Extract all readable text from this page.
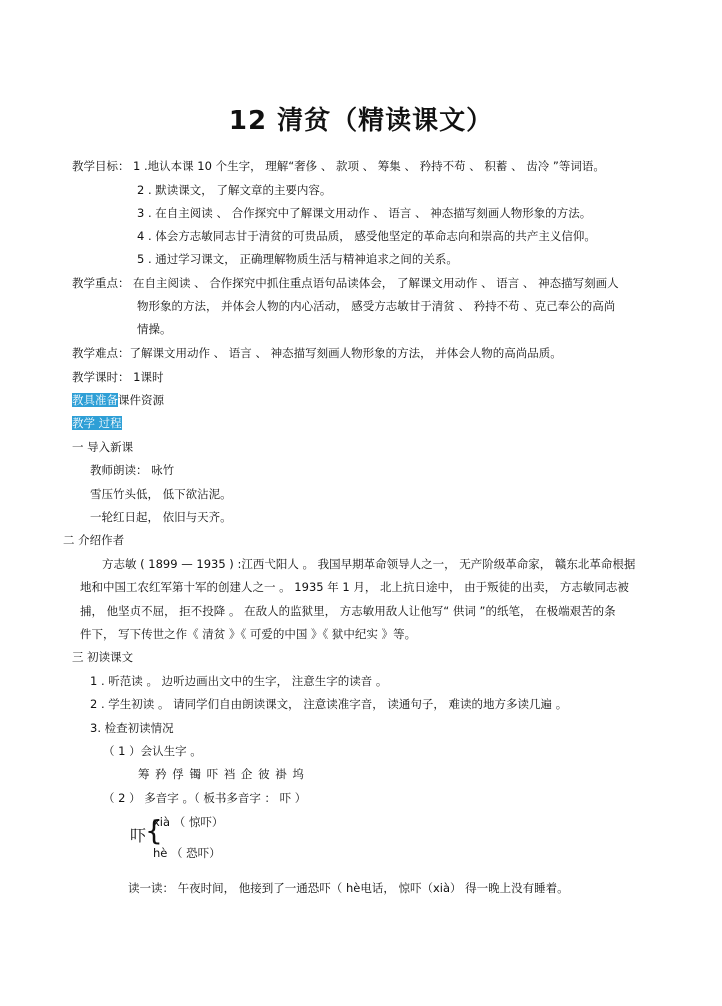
12 清贫（精读课文）
教学目标： 1 .地认本课 10 个生字， 理解“奢侈 、 款项 、 筹集 、 矜持不苟 、 积蓄 、 齿冷 ”等词语。
2 . 默读课文， 了解文章的主要内容。
3 . 在自主阅读 、 合作探究中了解课文用动作 、 语言 、 神态描写刻画人物形象的方法。
4 . 体会方志敏同志甘于清贫的可贵品质， 感受他坚定的革命志向和崇高的共产主义信仰。
5 . 通过学习课文， 正确理解物质生活与精神追求之间的关系。
教学重点： 在自主阅读 、 合作探究中抓住重点语句品读体会， 了解课文用动作 、 语言 、 神态描写刻画人
物形象的方法， 并体会人物的内心活动， 感受方志敏甘于清贫 、 矜持不苟 、克己奉公的高尚
情操。
教学难点：了解课文用动作 、 语言 、 神态描写刻画人物形象的方法， 并体会人物的高尚品质。
教学课时： 1课时
教具准备课件资源
教学 过程
一 导入新课
教师朗读： 咏竹
雪压竹头低， 低下欲沾泥。
一轮红日起， 依旧与天齐。
二 介绍作者
方志敏 ( 1899 — 1935 ) :江西弋阳人 。 我国早期革命领导人之一， 无产阶级革命家， 赣东北革命根据
地和中国工农红军第十军的创建人之一 。 1935 年 1 月， 北上抗日途中， 由于叛徒的出卖， 方志敏同志被
捕， 他坚贞不屈， 拒不投降 。 在敌人的监狱里， 方志敏用敌人让他写“ 供词 ”的纸笔， 在极端艰苦的条
件下， 写下传世之作《 清贫 》《 可爱的中国 》《 狱中纪实 》等。
三 初读课文
1 . 听范读 。 边听边画出文中的生字， 注意生字的读音 。
2 . 学生初读 。 请同学们自由朗读课文， 注意读准字音， 读通句子， 难读的地方多读几遍 。
3. 检查初读情况
（ 1 ）会认生字 。
筹 矜 俘 镯 吓 裆 企 彼 褂 坞
（ 2 ） 多音字 。（ 板书多音字 ： 吓 ）
吓
{
xià （ 惊吓）
hè （ 恐吓）
读一读： 午夜时间， 他接到了一通恐吓（ hè电话， 惊吓（xià） 得一晚上没有睡着。
